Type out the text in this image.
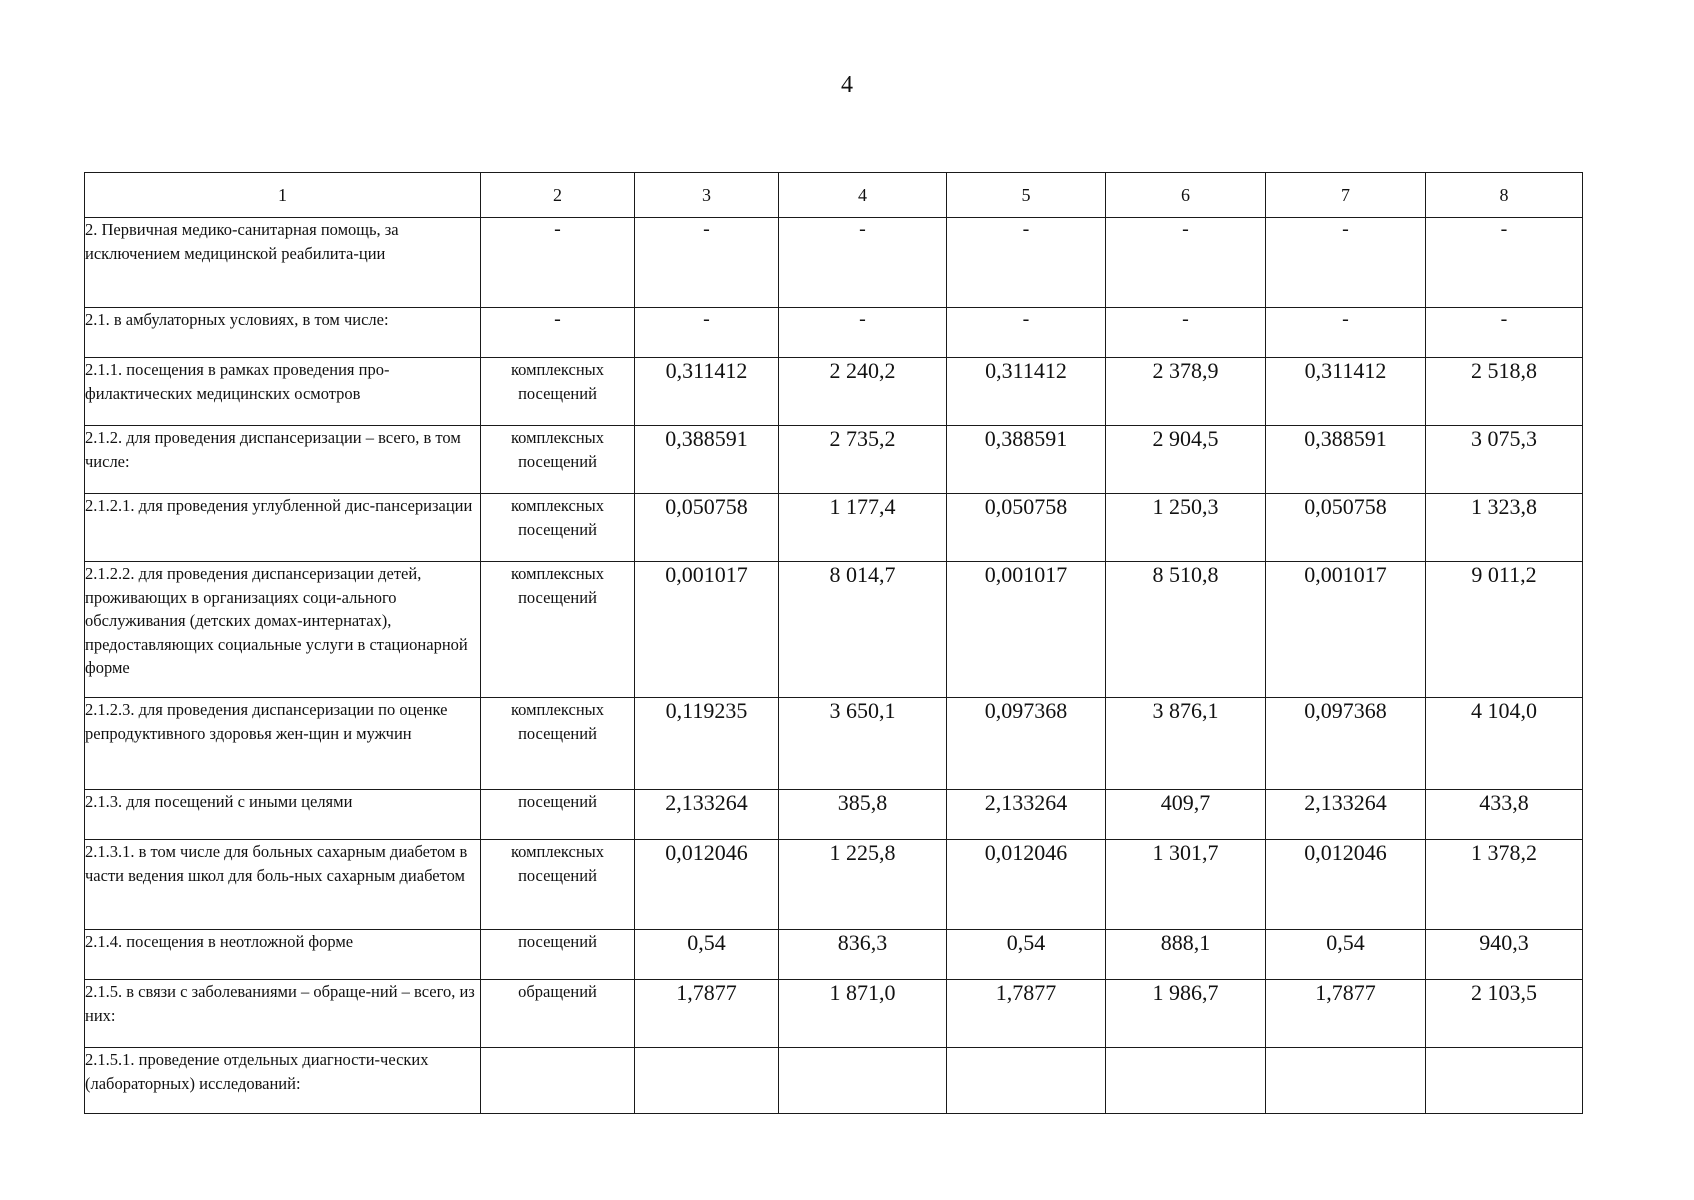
4
1	2	3	4	5	6	7	8
2. Первичная медико-санитарная помощь, за исключением медицинской реабилита-ции	-	-	-	-	-	-	-
2.1. в амбулаторных условиях, в том числе:	-	-	-	-	-	-	-
2.1.1. посещения в рамках проведения про-филактических медицинских осмотров	комплексных посещений	0,311412	2 240,2	0,311412	2 378,9	0,311412	2 518,8
2.1.2. для проведения диспансеризации – всего, в том числе:	комплексных посещений	0,388591	2 735,2	0,388591	2 904,5	0,388591	3 075,3
2.1.2.1. для проведения углубленной дис-пансеризации	комплексных посещений	0,050758	1 177,4	0,050758	1 250,3	0,050758	1 323,8
2.1.2.2. для проведения диспансеризации детей, проживающих в организациях соци-ального обслуживания (детских домах-интернатах), предоставляющих социальные услуги в стационарной форме	комплексных посещений	0,001017	8 014,7	0,001017	8 510,8	0,001017	9 011,2
2.1.2.3. для проведения диспансеризации по оценке репродуктивного здоровья жен-щин и мужчин	комплексных посещений	0,119235	3 650,1	0,097368	3 876,1	0,097368	4 104,0
2.1.3. для посещений с иными целями	посещений	2,133264	385,8	2,133264	409,7	2,133264	433,8
2.1.3.1. в том числе для больных сахарным диабетом в части ведения школ для боль-ных сахарным диабетом	комплексных посещений	0,012046	1 225,8	0,012046	1 301,7	0,012046	1 378,2
2.1.4. посещения в неотложной форме	посещений	0,54	836,3	0,54	888,1	0,54	940,3
2.1.5. в связи с заболеваниями – обраще-ний – всего, из них:	обращений	1,7877	1 871,0	1,7877	1 986,7	1,7877	2 103,5
2.1.5.1. проведение отдельных диагности-ческих (лабораторных) исследований:							
